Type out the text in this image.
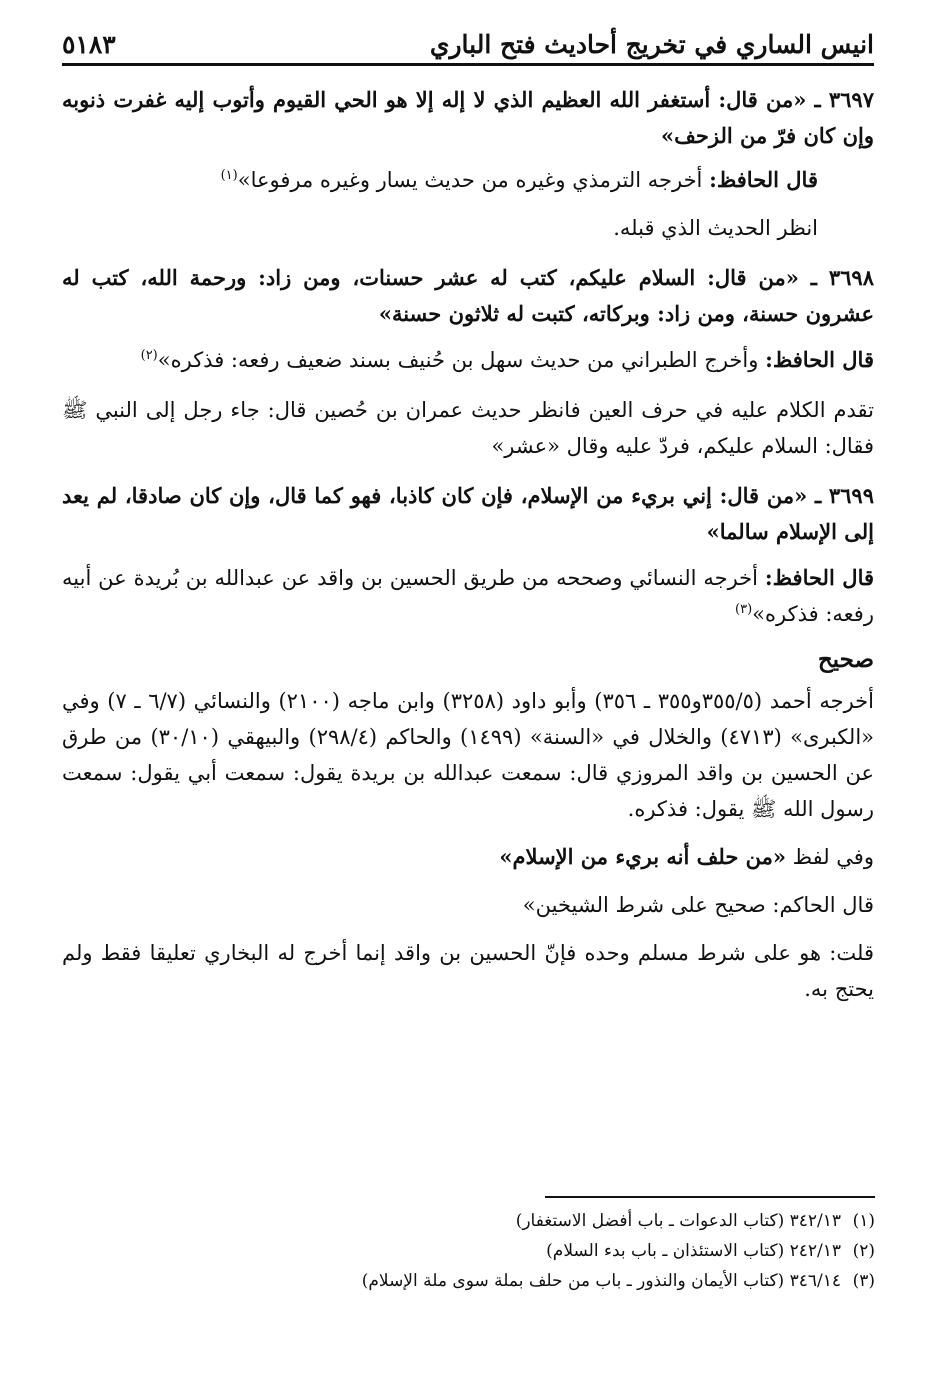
انيس الساري في تخريج أحاديث فتح الباري
٥١٨٣

٣٦٩٧ ـ «من قال: أستغفر الله العظيم الذي لا إله إلا هو الحي القيوم وأتوب إليه غفرت ذنوبه وإن كان فرّ من الزحف»

قال الحافظ: أخرجه الترمذي وغيره من حديث يسار وغيره مرفوعا»$^{(١)}$

انظر الحديث الذي قبله.

٣٦٩٨ ـ «من قال: السلام عليكم، كتب له عشر حسنات، ومن زاد: ورحمة الله، كتب له عشرون حسنة، ومن زاد: وبركاته، كتبت له ثلاثون حسنة»

قال الحافظ: وأخرج الطبراني من حديث سهل بن حُنيف بسند ضعيف رفعه: فذكره»$^{(٢)}$

تقدم الكلام عليه في حرف العين فانظر حديث عمران بن حُصين قال: جاء رجل إلى النبي ﷺ فقال: السلام عليكم، فردّ عليه وقال «عشر»

٣٦٩٩ ـ «من قال: إني بريء من الإسلام، فإن كان كاذبا، فهو كما قال، وإن كان صادقا، لم يعد إلى الإسلام سالما»

قال الحافظ: أخرجه النسائي وصححه من طريق الحسين بن واقد عن عبدالله بن بُريدة عن أبيه رفعه: فذكره»$^{(٣)}$

صحيح

أخرجه أحمد (٣٥٥/٥و٣٥٥ ـ ٣٥٦) وأبو داود (٣٢٥٨) وابن ماجه (٢١٠٠) والنسائي (٦/٧ ـ ٧) وفي «الكبرى» (٤٧١٣) والخلال في «السنة» (١٤٩٩) والحاكم (٢٩٨/٤) والبيهقي (٣٠/١٠) من طرق عن الحسين بن واقد المروزي قال: سمعت عبدالله بن بريدة يقول: سمعت أبي يقول: سمعت رسول الله ﷺ يقول: فذكره.

وفي لفظ «من حلف أنه بريء من الإسلام»

قال الحاكم: صحيح على شرط الشيخين»

قلت: هو على شرط مسلم وحده فإنّ الحسين بن واقد إنما أخرج له البخاري تعليقا فقط ولم يحتج به.

(١)٣٤٢/١٣ (كتاب الدعوات ـ باب أفضل الاستغفار)

(٢)٢٤٢/١٣ (كتاب الاستئذان ـ باب بدء السلام)

(٣)٣٤٦/١٤ (كتاب الأيمان والنذور ـ باب من حلف بملة سوى ملة الإسلام)
